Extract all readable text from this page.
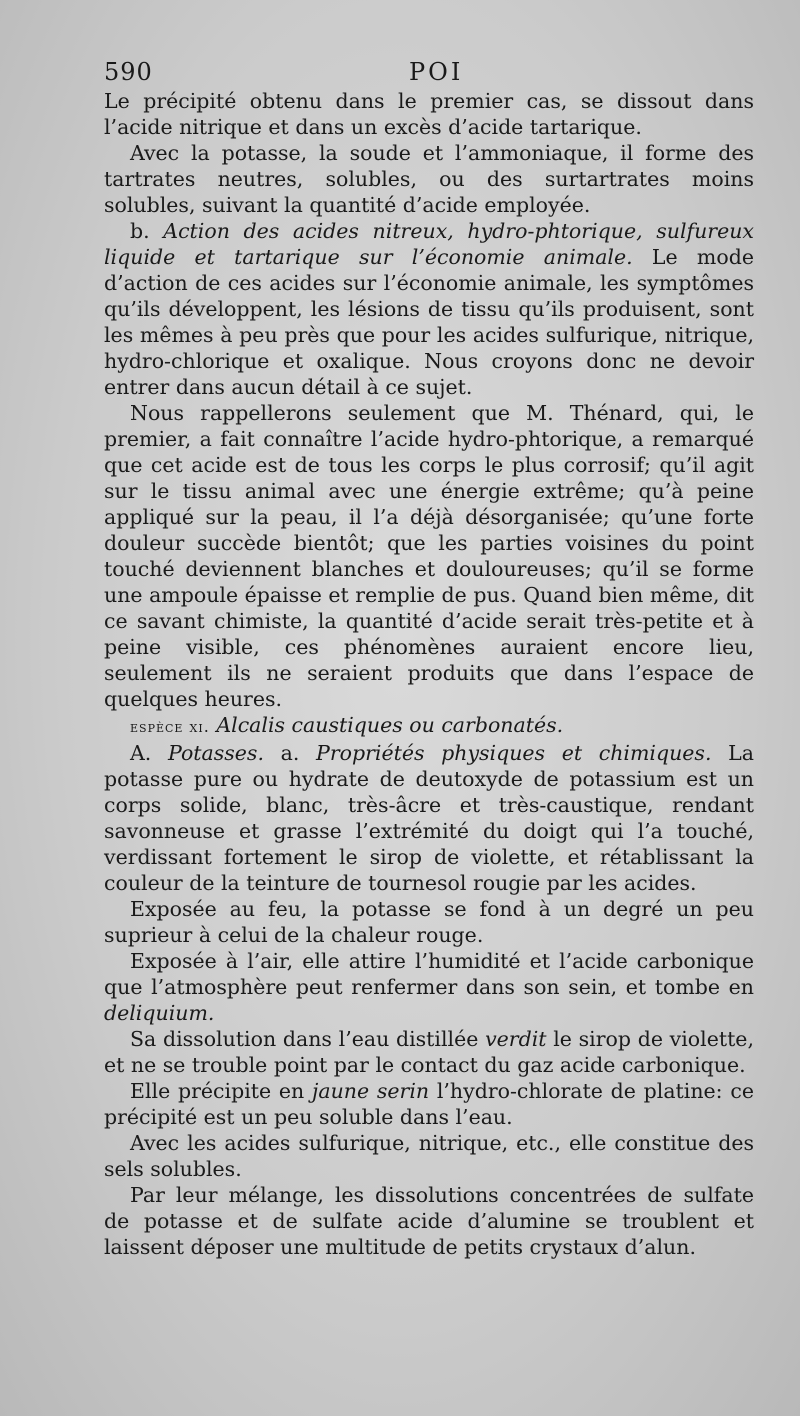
590	POI

Le précipité obtenu dans le premier cas, se dissout dans l’acide nitrique et dans un excès d’acide tartarique.

Avec la potasse, la soude et l’ammoniaque, il forme des tartrates neutres, solubles, ou des surtartrates moins solubles, suivant la quantité d’acide employée.

b. Action des acides nitreux, hydro-phtorique, sulfureux liquide et tartarique sur l’économie animale. Le mode d’action de ces acides sur l’économie animale, les symptômes qu’ils développent, les lésions de tissu qu’ils produisent, sont les mêmes à peu près que pour les acides sulfurique, nitrique, hydro-chlorique et oxalique. Nous croyons donc ne devoir entrer dans aucun détail à ce sujet.

Nous rappellerons seulement que M. Thénard, qui, le premier, a fait connaître l’acide hydro-phtorique, a remarqué que cet acide est de tous les corps le plus corrosif; qu’il agit sur le tissu animal avec une énergie extrême; qu’à peine appliqué sur la peau, il l’a déjà désorganisée; qu’une forte douleur succède bientôt; que les parties voisines du point touché deviennent blanches et douloureuses; qu’il se forme une ampoule épaisse et remplie de pus. Quand bien même, dit ce savant chimiste, la quantité d’acide serait très-petite et à peine visible, ces phénomènes auraient encore lieu, seulement ils ne seraient produits que dans l’espace de quelques heures.

espèce xi. Alcalis caustiques ou carbonatés.

A. Potasses. a. Propriétés physiques et chimiques. La potasse pure ou hydrate de deutoxyde de potassium est un corps solide, blanc, très-âcre et très-caustique, rendant savonneuse et grasse l’extrémité du doigt qui l’a touché, verdissant fortement le sirop de violette, et rétablissant la couleur de la teinture de tournesol rougie par les acides.

Exposée au feu, la potasse se fond à un degré un peu suprieur à celui de la chaleur rouge.

Exposée à l’air, elle attire l’humidité et l’acide carbonique que l’atmosphère peut renfermer dans son sein, et tombe en deliquium.

Sa dissolution dans l’eau distillée verdit le sirop de violette, et ne se trouble point par le contact du gaz acide carbonique.

Elle précipite en jaune serin l’hydro-chlorate de platine: ce précipité est un peu soluble dans l’eau.

Avec les acides sulfurique, nitrique, etc., elle constitue des sels solubles.

Par leur mélange, les dissolutions concentrées de sulfate de potasse et de sulfate acide d’alumine se troublent et laissent déposer une multitude de petits crystaux d’alun.
